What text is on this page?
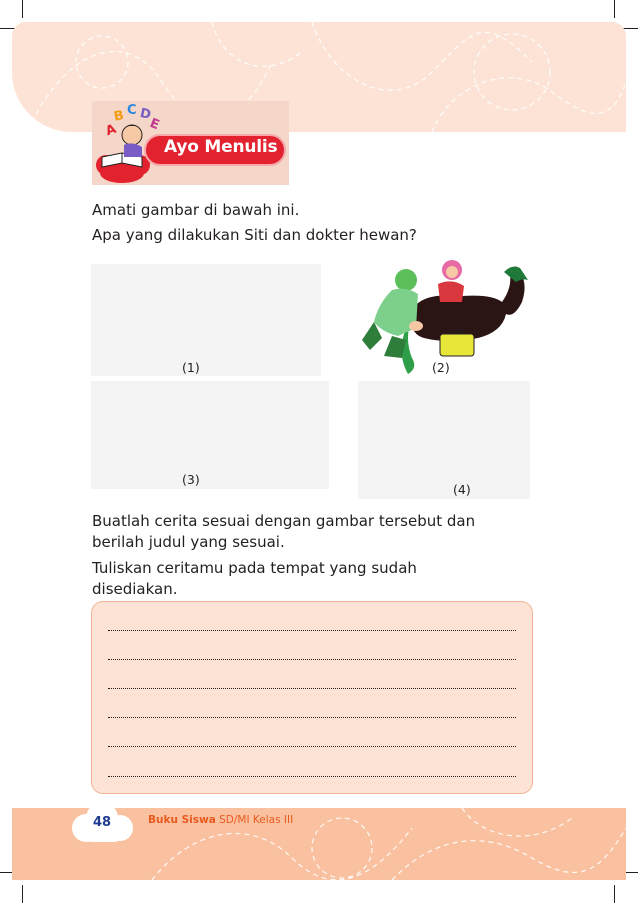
A
B C D
E
Ayo Menulis
Amati gambar di bawah ini.
Apa yang dilakukan Siti dan dokter hewan?
(1)	(2)
(3)
(4)
Buatlah cerita sesuai dengan gambar tersebut dan
berilah judul yang sesuai.
Tuliskan ceritamu pada tempat yang sudah
disediakan.
48	Buku Siswa SD/MI Kelas III
